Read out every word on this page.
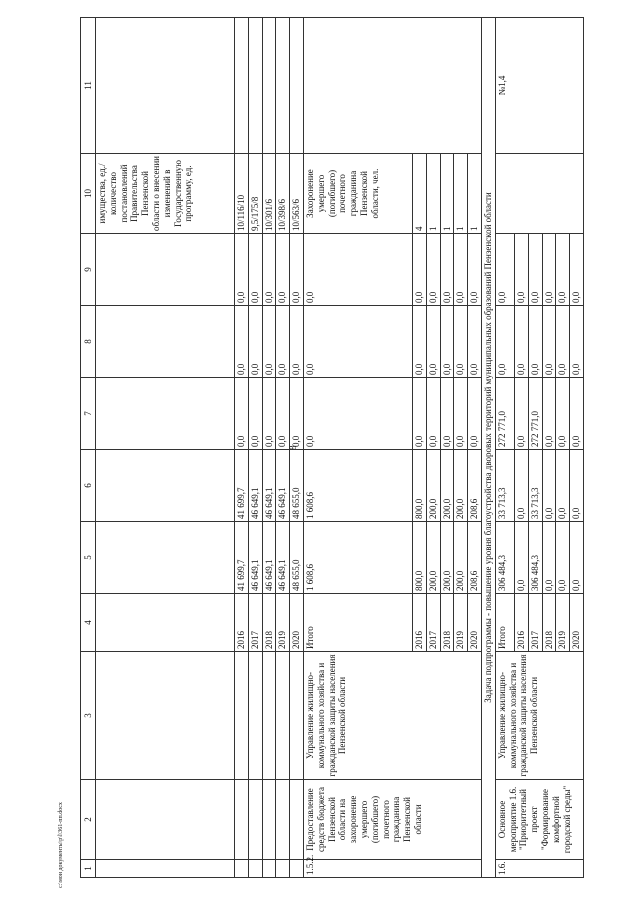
8
c:\мои документы\р\l\361-пп.docx 1	2	3	4	5	6	7	8	9	10	11
									имущества, ед./ количество постановлений Правительства Пензенской области о внесении изменений в Государственную программу, ед.	
			2016	41 699,7	41 699,7	0,0	0,0	0,0	10/116/10	
			2017	46 649,1	46 649,1	0,0	0,0	0,0	9,5/175/8	
			2018	46 649,1	46 649,1	0,0	0,0	0,0	10/301/6	
			2019	46 649,1	46 649,1	0,0	0,0	0,0	10/398/6	
			2020	48 655,0	48 655,0	0,0	0,0	0,0	10/563/6	
1.5.2.	Предоставление средств бюджета Пензенской области на захоронение умершего (погибшего) почетного гражданина Пензенской области	Управление жилищно-коммунального хозяйства и гражданской защиты населения Пензенской области	Итого	1 608,6	1 608,6	0,0	0,0	0,0	Захоронение умершего (погибшего) почетного гражданина Пензенской области, чел.	
			2016	800,0	800,0	0,0	0,0	0,0	4	
			2017	200,0	200,0	0,0	0,0	0,0	1	
			2018	200,0	200,0	0,0	0,0	0,0	1	
			2019	200,0	200,0	0,0	0,0	0,0	1	
			2020	208,6	208,6	0,0	0,0	0,0	1	
Задача подпрограммы - повышение уровня благоустройства дворовых территорий муниципальных образований Пензенской области										
1.6.	Основное мероприятие 1.6. "Приоритетный проект "Формирование комфортной городской среды"	Управление жилищно-коммунального хозяйства и гражданской защиты населения Пензенской области	Итого	306 484,3	33 713,3	272 771,0	0,0	0,0		№1,4
			2016	0,0	0,0	0,0	0,0	0,0		
			2017	306 484,3	33 713,3	272 771,0	0,0	0,0		
			2018	0,0	0,0	0,0	0,0	0,0		
			2019	0,0	0,0	0,0	0,0	0,0		
			2020	0,0	0,0	0,0	0,0	0,0		
